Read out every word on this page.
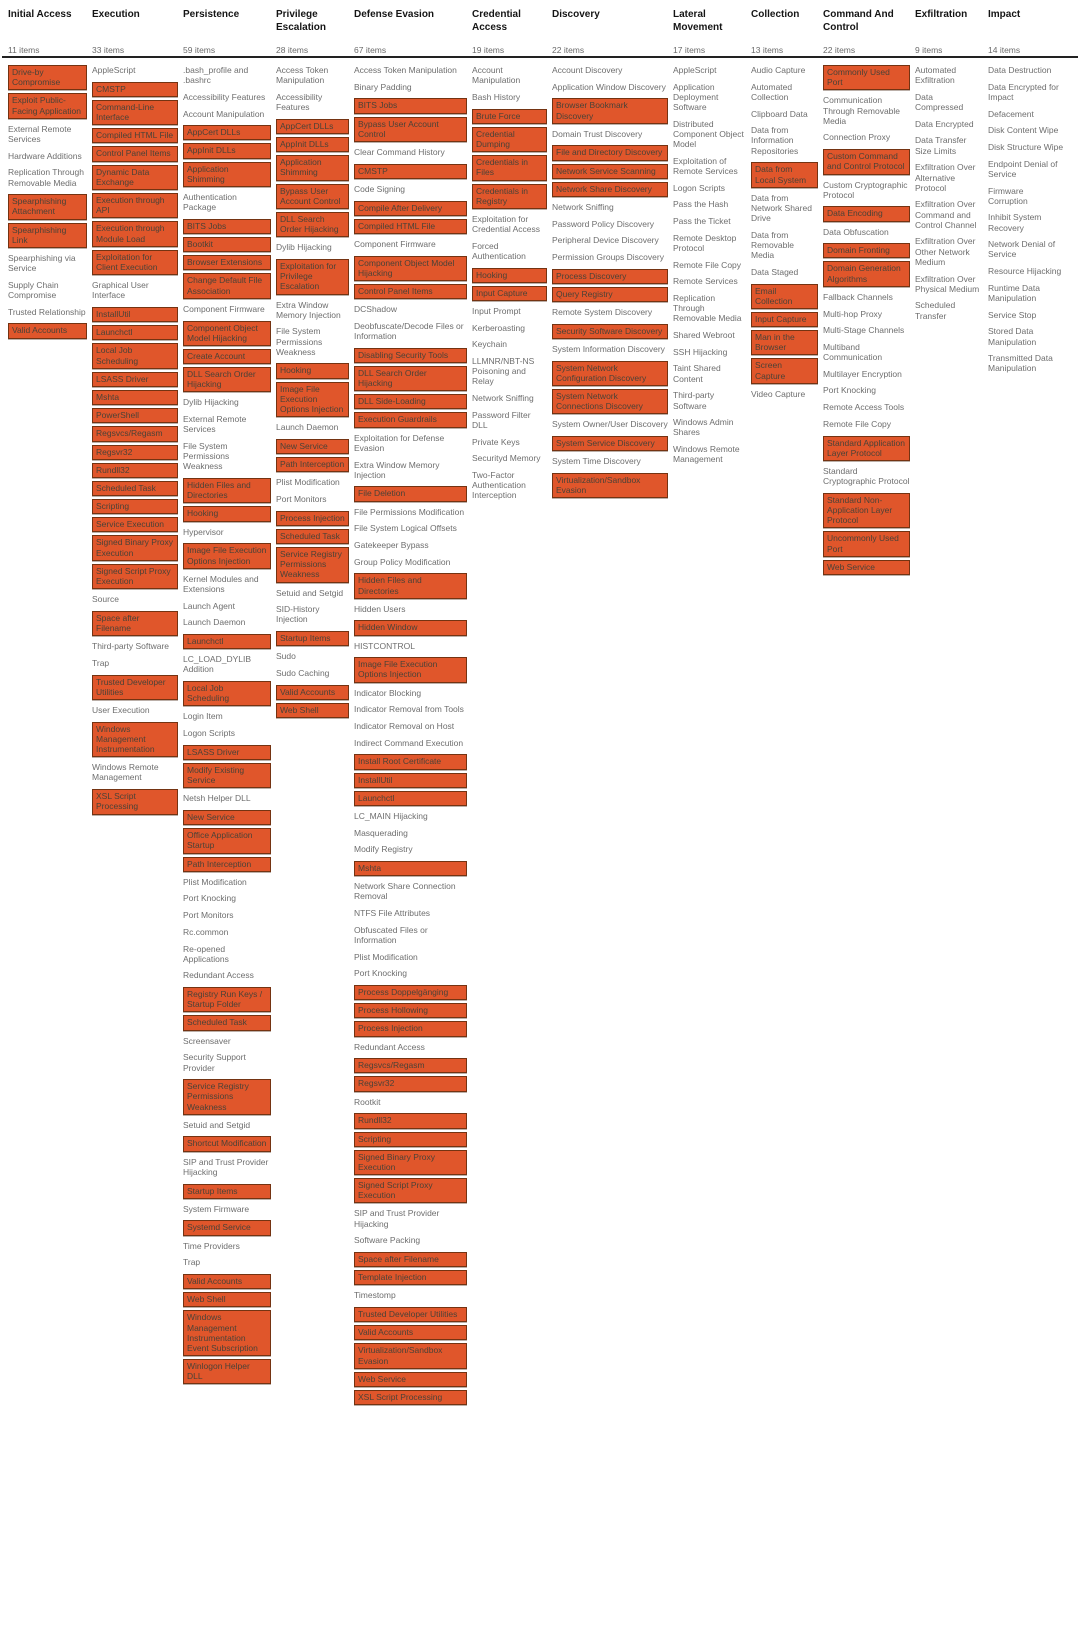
Initial Access
11 items
Drive-by Compromise
Exploit Public-Facing Application
External Remote Services
Hardware Additions
Replication Through Removable Media
Spearphishing Attachment
Spearphishing Link
Spearphishing via Service
Supply Chain Compromise
Trusted Relationship
Valid Accounts
Execution
33 items
AppleScript
CMSTP
Command-Line Interface
Compiled HTML File
Control Panel Items
Dynamic Data Exchange
Execution through API
Execution through Module Load
Exploitation for Client Execution
Graphical User Interface
InstallUtil
Launchctl
Local Job Scheduling
LSASS Driver
Mshta
PowerShell
Regsvcs/Regasm
Regsvr32
Rundll32
Scheduled Task
Scripting
Service Execution
Signed Binary Proxy Execution
Signed Script Proxy Execution
Source
Space after Filename
Third-party Software
Trap
Trusted Developer Utilities
User Execution
Windows Management Instrumentation
Windows Remote Management
XSL Script Processing
Persistence
59 items
.bash_profile and .bashrc
Accessibility Features
Account Manipulation
AppCert DLLs
AppInit DLLs
Application Shimming
Authentication Package
BITS Jobs
Bootkit
Browser Extensions
Change Default File Association
Component Firmware
Component Object Model Hijacking
Create Account
DLL Search Order Hijacking
Dylib Hijacking
External Remote Services
File System Permissions Weakness
Hidden Files and Directories
Hooking
Hypervisor
Image File Execution Options Injection
Kernel Modules and Extensions
Launch Agent
Launch Daemon
Launchctl
LC_LOAD_DYLIB Addition
Local Job Scheduling
Login Item
Logon Scripts
LSASS Driver
Modify Existing Service
Netsh Helper DLL
New Service
Office Application Startup
Path Interception
Plist Modification
Port Knocking
Port Monitors
Rc.common
Re-opened Applications
Redundant Access
Registry Run Keys / Startup Folder
Scheduled Task
Screensaver
Security Support Provider
Service Registry Permissions Weakness
Setuid and Setgid
Shortcut Modification
SIP and Trust Provider Hijacking
Startup Items
System Firmware
Systemd Service
Time Providers
Trap
Valid Accounts
Web Shell
Windows Management Instrumentation Event Subscription
Winlogon Helper DLL
Privilege Escalation
28 items
Access Token Manipulation
Accessibility Features
AppCert DLLs
AppInit DLLs
Application Shimming
Bypass User Account Control
DLL Search Order Hijacking
Dylib Hijacking
Exploitation for Privilege Escalation
Extra Window Memory Injection
File System Permissions Weakness
Hooking
Image File Execution Options Injection
Launch Daemon
New Service
Path Interception
Plist Modification
Port Monitors
Process Injection
Scheduled Task
Service Registry Permissions Weakness
Setuid and Setgid
SID-History Injection
Startup Items
Sudo
Sudo Caching
Valid Accounts
Web Shell
Defense Evasion
67 items
Access Token Manipulation
Binary Padding
BITS Jobs
Bypass User Account Control
Clear Command History
CMSTP
Code Signing
Compile After Delivery
Compiled HTML File
Component Firmware
Component Object Model Hijacking
Control Panel Items
DCShadow
Deobfuscate/Decode Files or Information
Disabling Security Tools
DLL Search Order Hijacking
DLL Side-Loading
Execution Guardrails
Exploitation for Defense Evasion
Extra Window Memory Injection
File Deletion
File Permissions Modification
File System Logical Offsets
Gatekeeper Bypass
Group Policy Modification
Hidden Files and Directories
Hidden Users
Hidden Window
HISTCONTROL
Image File Execution Options Injection
Indicator Blocking
Indicator Removal from Tools
Indicator Removal on Host
Indirect Command Execution
Install Root Certificate
InstallUtil
Launchctl
LC_MAIN Hijacking
Masquerading
Modify Registry
Mshta
Network Share Connection Removal
NTFS File Attributes
Obfuscated Files or Information
Plist Modification
Port Knocking
Process Doppelgänging
Process Hollowing
Process Injection
Redundant Access
Regsvcs/Regasm
Regsvr32
Rootkit
Rundll32
Scripting
Signed Binary Proxy Execution
Signed Script Proxy Execution
SIP and Trust Provider Hijacking
Software Packing
Space after Filename
Template Injection
Timestomp
Trusted Developer Utilities
Valid Accounts
Virtualization/Sandbox Evasion
Web Service
XSL Script Processing
Credential Access
19 items
Account Manipulation
Bash History
Brute Force
Credential Dumping
Credentials in Files
Credentials in Registry
Exploitation for Credential Access
Forced Authentication
Hooking
Input Capture
Input Prompt
Kerberoasting
Keychain
LLMNR/NBT-NS Poisoning and Relay
Network Sniffing
Password Filter DLL
Private Keys
Securityd Memory
Two-Factor Authentication Interception
Discovery
22 items
Account Discovery
Application Window Discovery
Browser Bookmark Discovery
Domain Trust Discovery
File and Directory Discovery
Network Service Scanning
Network Share Discovery
Network Sniffing
Password Policy Discovery
Peripheral Device Discovery
Permission Groups Discovery
Process Discovery
Query Registry
Remote System Discovery
Security Software Discovery
System Information Discovery
System Network Configuration Discovery
System Network Connections Discovery
System Owner/User Discovery
System Service Discovery
System Time Discovery
Virtualization/Sandbox Evasion
Lateral Movement
17 items
AppleScript
Application Deployment Software
Distributed Component Object Model
Exploitation of Remote Services
Logon Scripts
Pass the Hash
Pass the Ticket
Remote Desktop Protocol
Remote File Copy
Remote Services
Replication Through Removable Media
Shared Webroot
SSH Hijacking
Taint Shared Content
Third-party Software
Windows Admin Shares
Windows Remote Management
Collection
13 items
Audio Capture
Automated Collection
Clipboard Data
Data from Information Repositories
Data from Local System
Data from Network Shared Drive
Data from Removable Media
Data Staged
Email Collection
Input Capture
Man in the Browser
Screen Capture
Video Capture
Command And Control
22 items
Commonly Used Port
Communication Through Removable Media
Connection Proxy
Custom Command and Control Protocol
Custom Cryptographic Protocol
Data Encoding
Data Obfuscation
Domain Fronting
Domain Generation Algorithms
Fallback Channels
Multi-hop Proxy
Multi-Stage Channels
Multiband Communication
Multilayer Encryption
Port Knocking
Remote Access Tools
Remote File Copy
Standard Application Layer Protocol
Standard Cryptographic Protocol
Standard Non-Application Layer Protocol
Uncommonly Used Port
Web Service
Exfiltration
9 items
Automated Exfiltration
Data Compressed
Data Encrypted
Data Transfer Size Limits
Exfiltration Over Alternative Protocol
Exfiltration Over Command and Control Channel
Exfiltration Over Other Network Medium
Exfiltration Over Physical Medium
Scheduled Transfer
Impact
14 items
Data Destruction
Data Encrypted for Impact
Defacement
Disk Content Wipe
Disk Structure Wipe
Endpoint Denial of Service
Firmware Corruption
Inhibit System Recovery
Network Denial of Service
Resource Hijacking
Runtime Data Manipulation
Service Stop
Stored Data Manipulation
Transmitted Data Manipulation
